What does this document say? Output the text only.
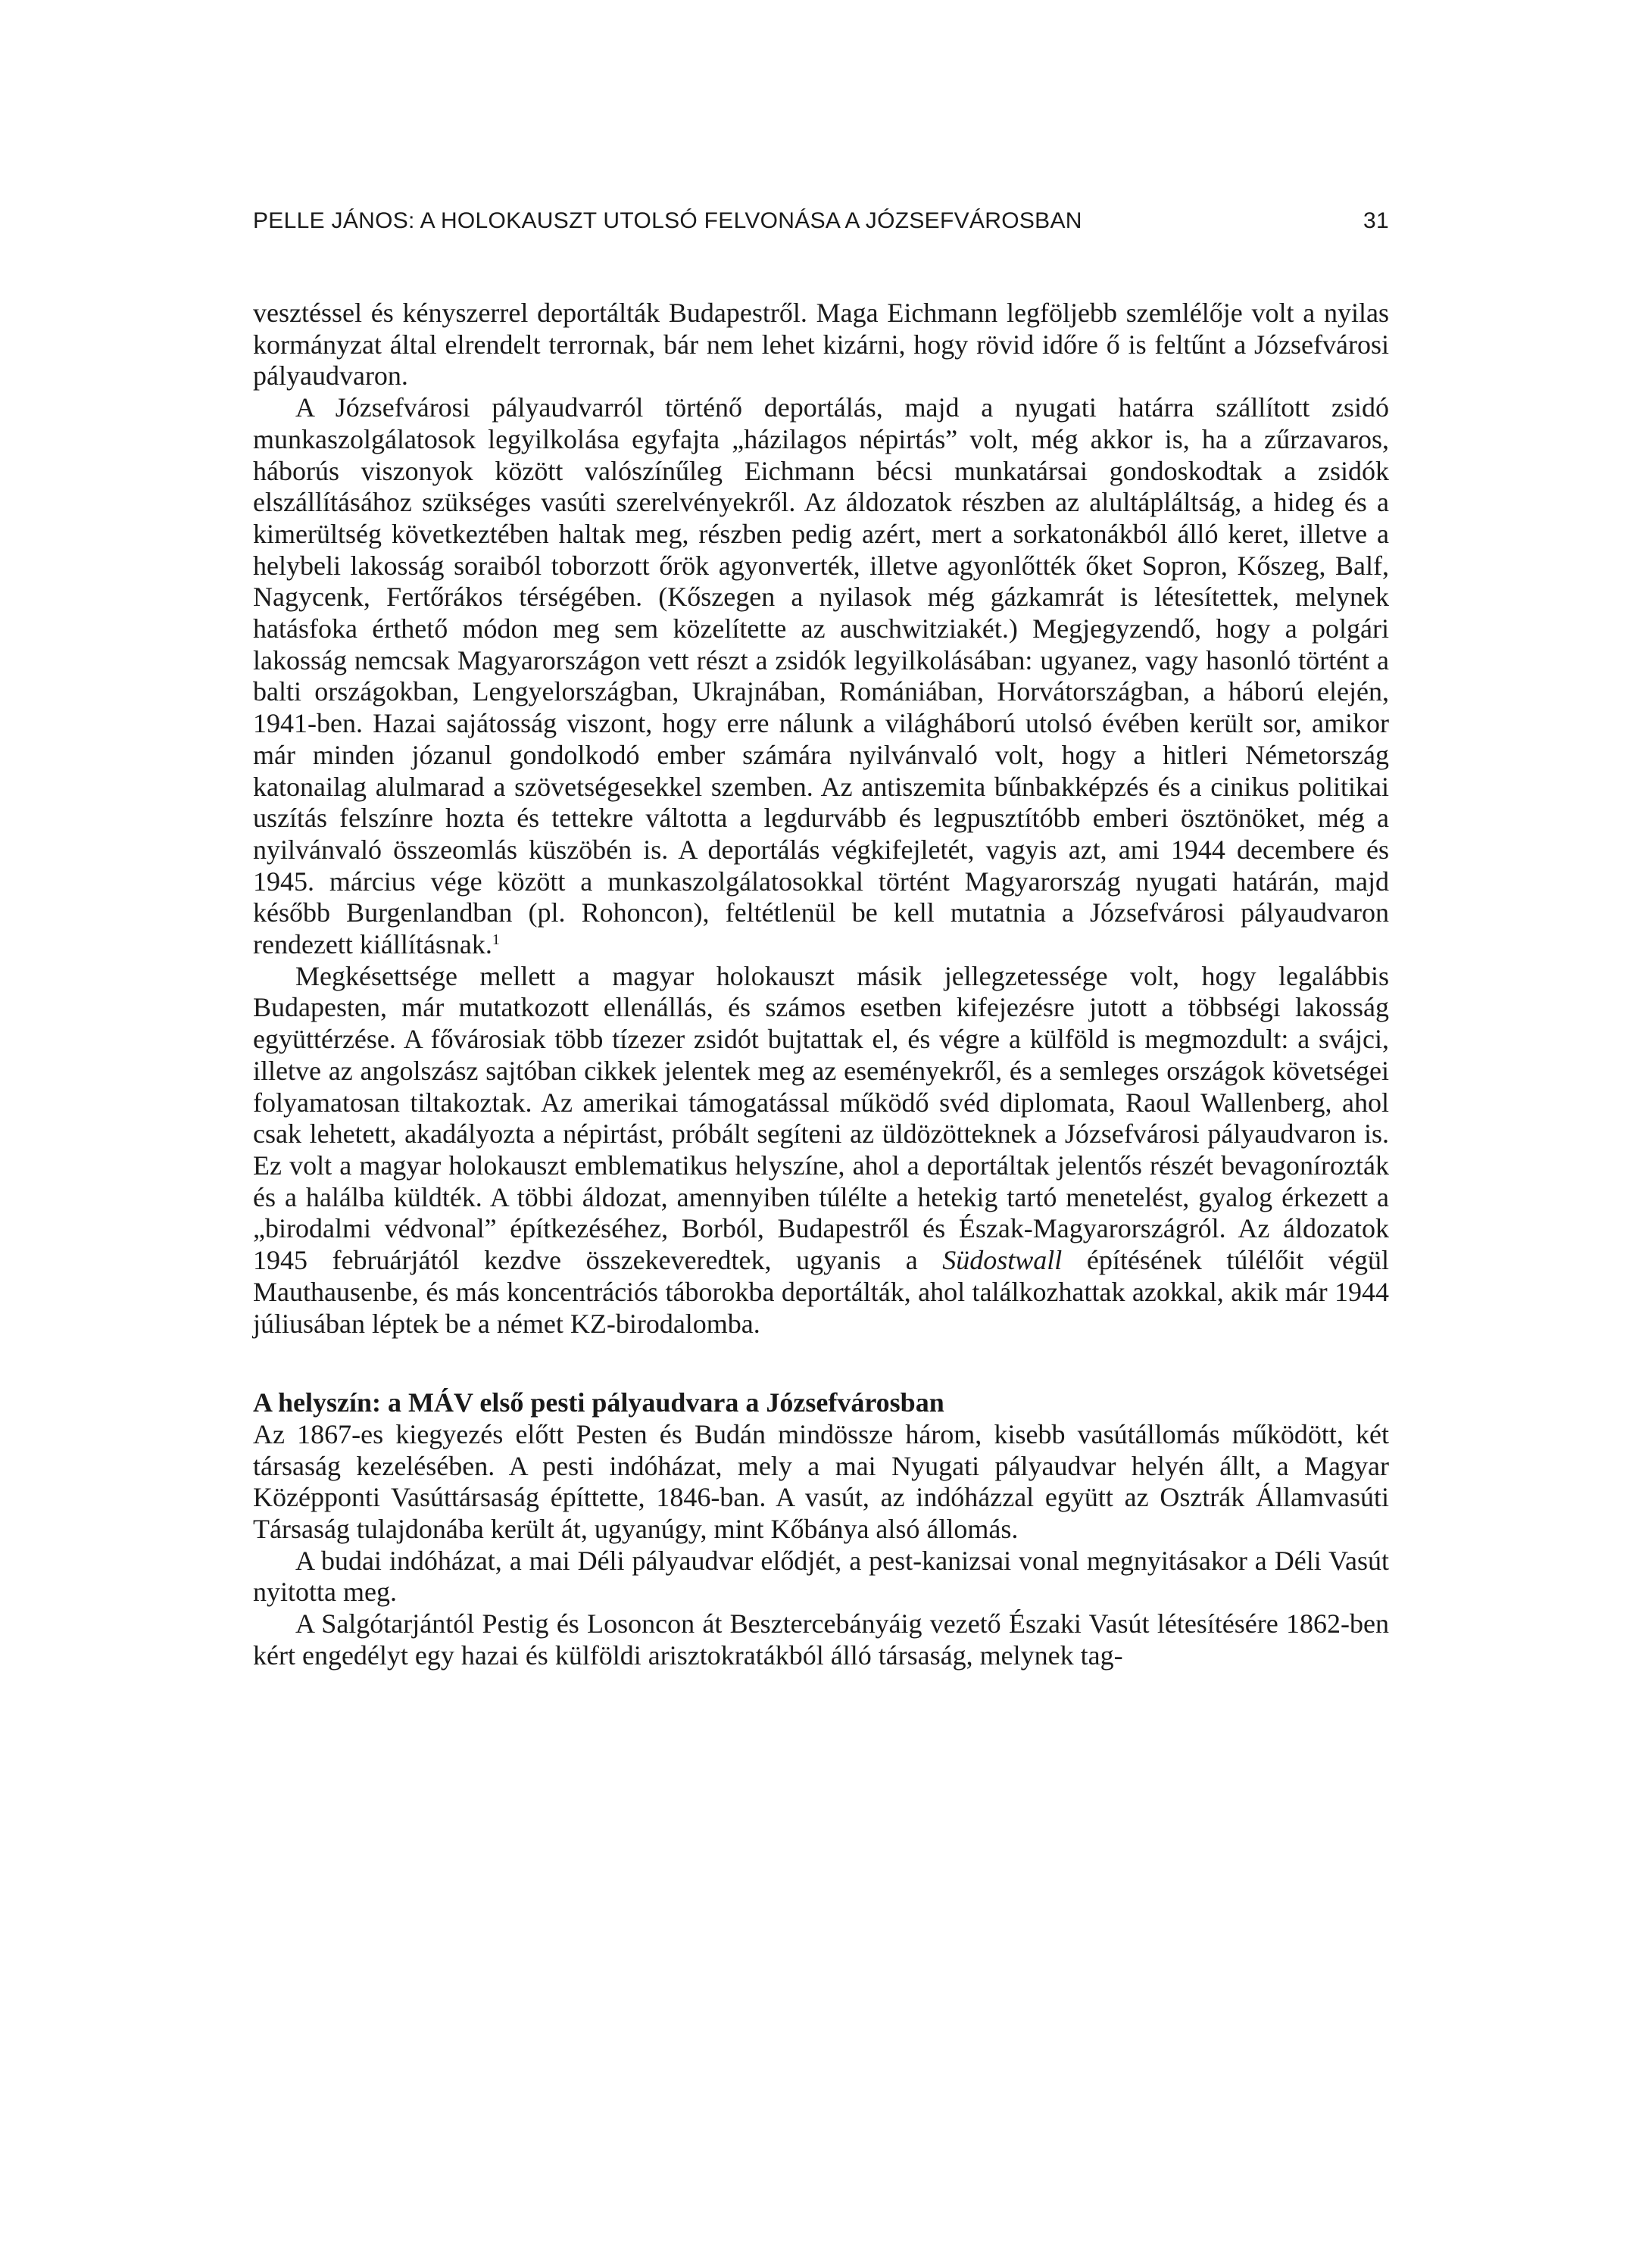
PELLE JÁNOS: A HOLOKAUSZT UTOLSÓ FELVONÁSA A JÓZSEFVÁROSBAN	31

vesztéssel és kényszerrel deportálták Budapestről. Maga Eichmann legföljebb szemlélője volt a nyilas kormányzat által elrendelt terrornak, bár nem lehet kizárni, hogy rövid időre ő is feltűnt a Józsefvárosi pályaudvaron.

A Józsefvárosi pályaudvarról történő deportálás, majd a nyugati határra szállított zsidó munkaszolgálatosok legyilkolása egyfajta „házilagos népirtás” volt, még akkor is, ha a zűrzavaros, háborús viszonyok között valószínűleg Eichmann bécsi munkatársai gondoskodtak a zsidók elszállításához szükséges vasúti szerelvényekről. Az áldozatok részben az alultápláltság, a hideg és a kimerültség következtében haltak meg, részben pedig azért, mert a sorkatonákból álló keret, illetve a helybeli lakosság soraiból toborzott őrök agyonverték, illetve agyonlőtték őket Sopron, Kőszeg, Balf, Nagycenk, Fertőrákos térségében. (Kőszegen a nyilasok még gázkamrát is létesítettek, melynek hatásfoka érthető módon meg sem közelítette az auschwitziakét.) Megjegyzendő, hogy a polgári lakosság nemcsak Magyarországon vett részt a zsidók legyilkolásában: ugyanez, vagy hasonló történt a balti országokban, Lengyelországban, Ukrajnában, Romániában, Horvátországban, a háború elején, 1941-ben. Hazai sajátosság viszont, hogy erre nálunk a világháború utolsó évében került sor, amikor már minden józanul gondolkodó ember számára nyilvánvaló volt, hogy a hitleri Németország katonailag alulmarad a szövetségesekkel szemben. Az antiszemita bűnbakképzés és a cinikus politikai uszítás felszínre hozta és tettekre váltotta a legdurvább és legpusztítóbb emberi ösztönöket, még a nyilvánvaló összeomlás küszöbén is. A deportálás végkifejletét, vagyis azt, ami 1944 decembere és 1945. március vége között a munkaszolgálatosokkal történt Magyarország nyugati határán, majd később Burgenlandban (pl. Rohoncon), feltétlenül be kell mutatnia a Józsefvárosi pályaudvaron rendezett kiállításnak.$^1$

Megkésettsége mellett a magyar holokauszt másik jellegzetessége volt, hogy legalábbis Budapesten, már mutatkozott ellenállás, és számos esetben kifejezésre jutott a többségi lakosság együttérzése. A fővárosiak több tízezer zsidót bujtattak el, és végre a külföld is megmozdult: a svájci, illetve az angolszász sajtóban cikkek jelentek meg az eseményekről, és a semleges országok követségei folyamatosan tiltakoztak. Az amerikai támogatással működő svéd diplomata, Raoul Wallenberg, ahol csak lehetett, akadályozta a népirtást, próbált segíteni az üldözötteknek a Józsefvárosi pályaudvaron is. Ez volt a magyar holokauszt emblematikus helyszíne, ahol a deportáltak jelentős részét bevagonírozták és a halálba küldték. A többi áldozat, amennyiben túlélte a hetekig tartó menetelést, gyalog érkezett a „birodalmi védvonal” építkezéséhez, Borból, Budapestről és Észak-Magyarországról. Az áldozatok 1945 februárjától kezdve összekeveredtek, ugyanis a Südostwall építésének túlélőit végül Mauthausenbe, és más koncentrációs táborokba deportálták, ahol találkozhattak azokkal, akik már 1944 júliusában léptek be a német KZ-birodalomba.

A helyszín: a MÁV első pesti pályaudvara a Józsefvárosban

Az 1867-es kiegyezés előtt Pesten és Budán mindössze három, kisebb vasútállomás működött, két társaság kezelésében. A pesti indóházat, mely a mai Nyugati pályaudvar helyén állt, a Magyar Középponti Vasúttársaság építtette, 1846-ban. A vasút, az indóházzal együtt az Osztrák Államvasúti Társaság tulajdonába került át, ugyanúgy, mint Kőbánya alsó állomás.

A budai indóházat, a mai Déli pályaudvar elődjét, a pest-kanizsai vonal megnyitásakor a Déli Vasút nyitotta meg.

A Salgótarjántól Pestig és Losoncon át Besztercebányáig vezető Északi Vasút létesítésére 1862-ben kért engedélyt egy hazai és külföldi arisztokratákból álló társaság, melynek tag-
